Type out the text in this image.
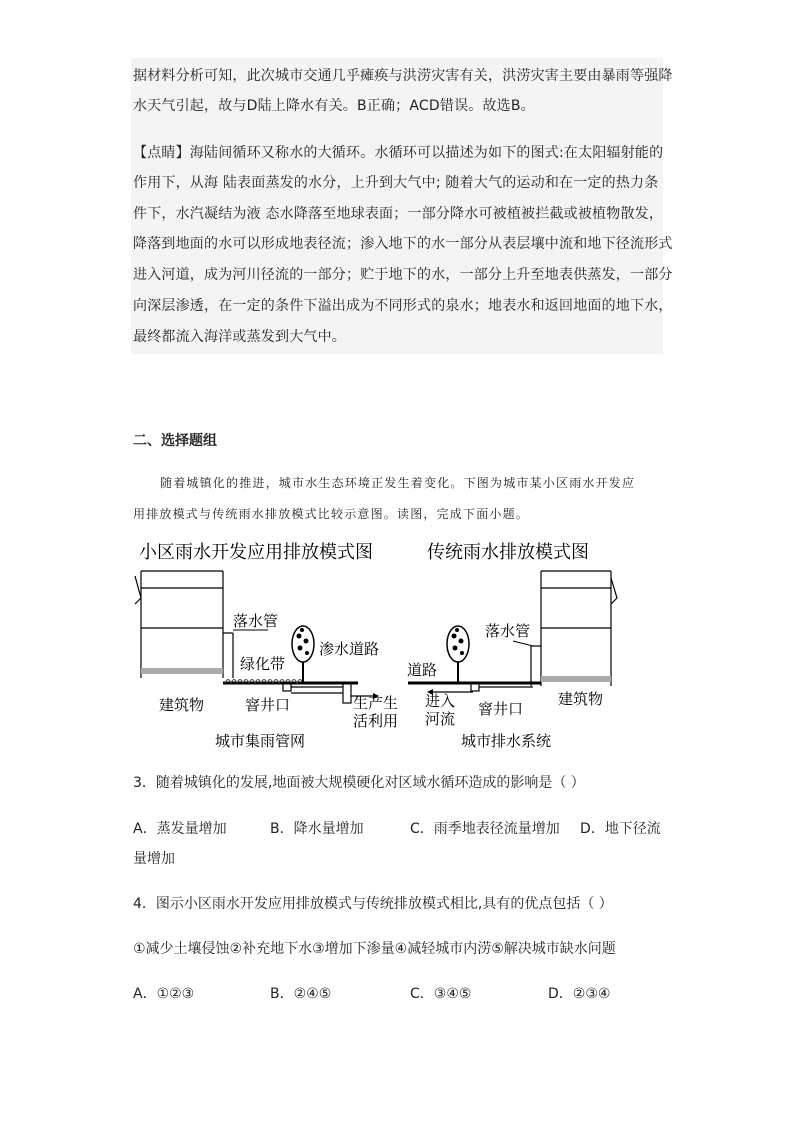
据材料分析可知，此次城市交通几乎瘫痪与洪涝灾害有关，洪涝灾害主要由暴雨等强降
水天气引起，故与D陆上降水有关。B正确；ACD错误。故选B。
【点睛】海陆间循环又称水的大循环。水循环可以描述为如下的图式:在太阳辐射能的
作用下，从海 陆表面蒸发的水分，上升到大气中; 随着大气的运动和在一定的热力条
件下，水汽凝结为液 态水降落至地球表面；一部分降水可被植被拦截或被植物散发，
降落到地面的水可以形成地表径流；渗入地下的水一部分从表层壤中流和地下径流形式
进入河道，成为河川径流的一部分；贮于地下的水，一部分上升至地表供蒸发，一部分
向深层渗透，在一定的条件下溢出成为不同形式的泉水；地表水和返回地面的地下水，
最终都流入海洋或蒸发到大气中。
二、选择题组
随着城镇化的推进，城市水生态环境正发生着变化。下图为城市某小区雨水开发应
用排放模式与传统雨水排放模式比较示意图。读图，完成下面小题。
小区雨水开发应用排放模式图	传统雨水排放模式图
落水管
绿化带
渗水道路
建筑物	窨井口	生产生
活利用
城市集雨管网
道路
进入
河流
窨井口
落水管
建筑物
城市排水系统
3．随着城镇化的发展,地面被大规模硬化对区域水循环造成的影响是（ ）
A．蒸发量增加	B．降水量增加	C．雨季地表径流量增加 D．地下径流
量增加
4．图示小区雨水开发应用排放模式与传统排放模式相比,具有的优点包括（ ）
①减少土壤侵蚀②补充地下水③增加下渗量④减轻城市内涝⑤解决城市缺水问题
A．①②③	B．②④⑤	C．③④⑤	D．②③④
